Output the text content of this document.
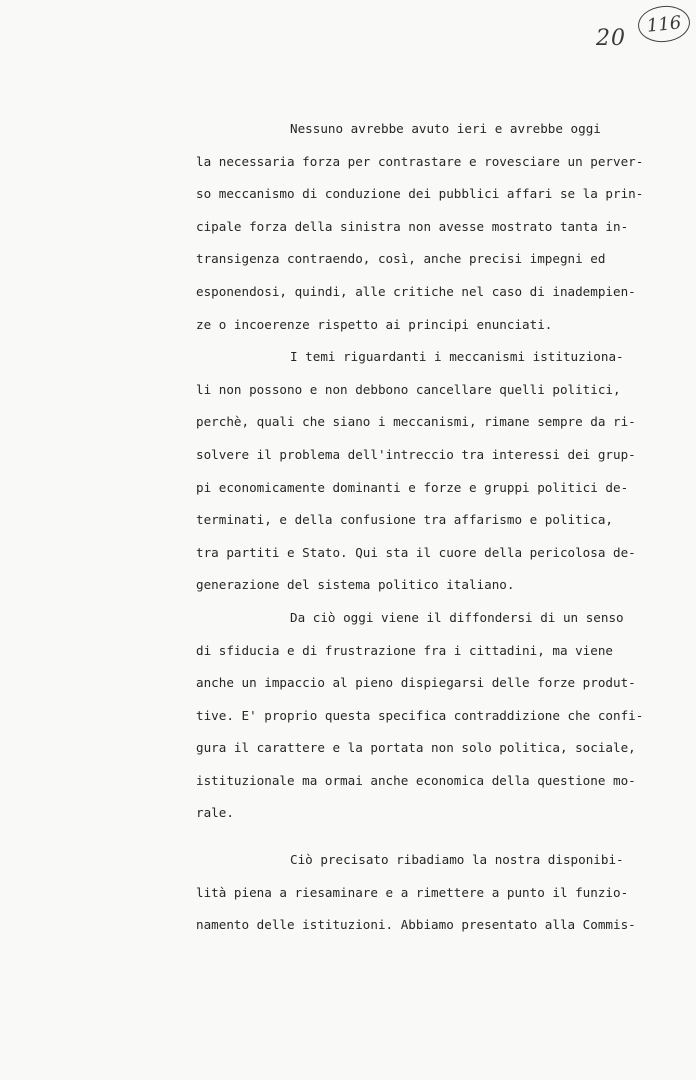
20
116
Nessuno avrebbe avuto ieri e avrebbe oggi
la necessaria forza per contrastare e rovesciare un perver-
so meccanismo di conduzione dei pubblici affari se la prin-
cipale forza della sinistra non avesse mostrato tanta in-
transigenza contraendo, così, anche precisi impegni ed
esponendosi, quindi, alle critiche nel caso di inadempien-
ze o incoerenze rispetto ai principi enunciati.
I temi riguardanti i meccanismi istituziona-
li non possono e non debbono cancellare quelli politici,
perchè, quali che siano i meccanismi, rimane sempre da ri-
solvere il problema dell'intreccio tra interessi dei grup-
pi economicamente dominanti e forze e gruppi politici de-
terminati, e della confusione tra affarismo e politica,
tra partiti e Stato. Qui sta il cuore della pericolosa de-
generazione del sistema politico italiano.
Da ciò oggi viene il diffondersi di un senso
di sfiducia e di frustrazione fra i cittadini, ma viene
anche un impaccio al pieno dispiegarsi delle forze produt-
tive. E' proprio questa specifica contraddizione che confi-
gura il carattere e la portata non solo politica, sociale,
istituzionale ma ormai anche economica della questione mo-
rale.
Ciò precisato ribadiamo la nostra disponibi-
lità piena a riesaminare e a rimettere a punto il funzio-
namento delle istituzioni. Abbiamo presentato alla Commis-
